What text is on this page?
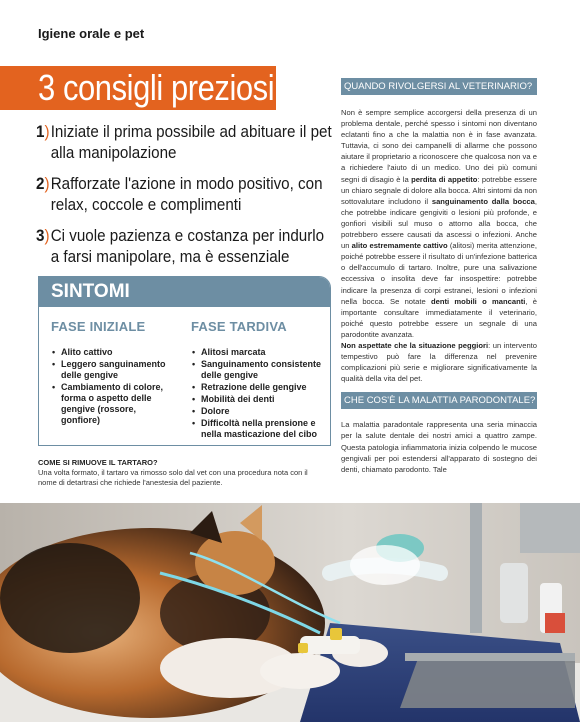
Igiene orale e pet
3 consigli preziosi
1) Iniziate il prima possibile ad abituare il pet alla manipolazione
2) Rafforzate l'azione in modo positivo, con relax, coccole e complimenti
3) Ci vuole pazienza e costanza per indurlo a farsi manipolare, ma è essenziale
SINTOMI
FASE INIZIALE
• Alito cattivo
• Leggero sanguinamento delle gengive
• Cambiamento di colore, forma o aspetto delle gengive (rossore, gonfiore)
FASE TARDIVA
• Alitosi marcata
• Sanguinamento consistente delle gengive
• Retrazione delle gengive
• Mobilità dei denti
• Dolore
• Difficoltà nella prensione e nella masticazione del cibo
COME SI RIMUOVE IL TARTARO?
Una volta formato, il tartaro va rimosso solo dal vet con una procedura nota con il nome di detartrasi che richiede l'anestesia del paziente.
QUANDO RIVOLGERSI AL VETERINARIO?
Non è sempre semplice accorgersi della presenza di un problema dentale, perché spesso i sintomi non diventano eclatanti fino a che la malattia non è in fase avanzata. Tuttavia, ci sono dei campanelli di allarme che possono aiutare il proprietario a riconoscere che qualcosa non va e a richiedere l'aiuto di un medico. Uno dei più comuni segni di disagio è la perdita di appetito: potrebbe essere un chiaro segnale di dolore alla bocca. Altri sintomi da non sottovalutare includono il sanguinamento dalla bocca, che potrebbe indicare gengiviti o lesioni più profonde, e gonfiori visibili sul muso o attorno alla bocca, che potrebbero essere causati da ascessi o infezioni. Anche un alito estremamente cattivo (alitosi) merita attenzione, poiché potrebbe essere il risultato di un'infezione batterica o dell'accumulo di tartaro. Inoltre, pure una salivazione eccessiva o insolita deve far insospettire: potrebbe indicare la presenza di corpi estranei, lesioni o infezioni nella bocca. Se notate denti mobili o mancanti, è importante consultare immediatamente il veterinario, poiché questo potrebbe essere un segnale di una parodontite avanzata.
Non aspettate che la situazione peggiori: un intervento tempestivo può fare la differenza nel prevenire complicazioni più serie e migliorare significativamente la qualità della vita del pet.
CHE COS'È LA MALATTIA PARODONTALE?
La malattia paradontale rappresenta una seria minaccia per la salute dentale dei nostri amici a quattro zampe. Questa patologia infiammatoria inizia colpendo le mucose gengivali per poi estendersi all'apparato di sostegno dei denti, chiamato parodonto. Tale
